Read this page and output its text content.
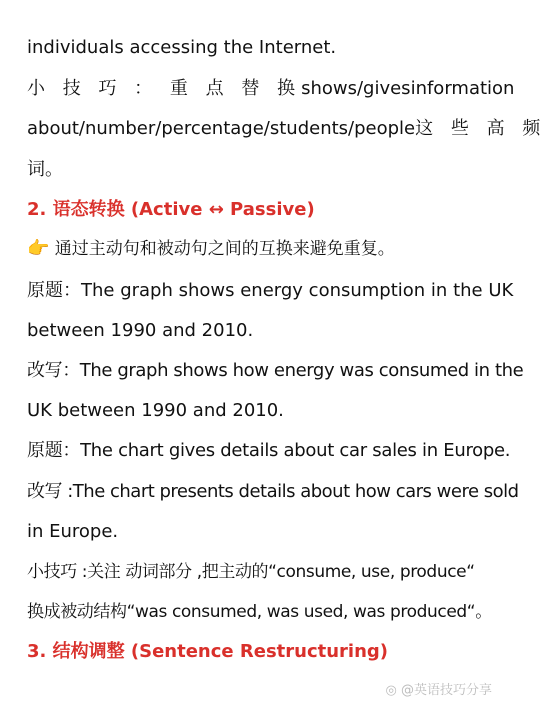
individuals accessing the Internet.
小 技 巧 ： 重 点 替 换 shows/gives information
about/number/percentage/students/people 这 些 高 频
词。
2. 语态转换 (Active ↔ Passive)
👉 通过主动句和被动句之间的互换来避免重复。
原题：The graph shows energy consumption in the UK
between 1990 and 2010.
改写：The graph shows how energy was consumed in the
UK between 1990 and 2010.
原题：The chart gives details about car sales in Europe.
改写 :The chart presents details about how cars were sold
in Europe.
小技巧 :关注 动词部分 ,把主动的“consume, use, produce“
换成被动结构“was consumed, was used, was produced“。
3. 结构调整 (Sentence Restructuring)
◎ @英语技巧分享
